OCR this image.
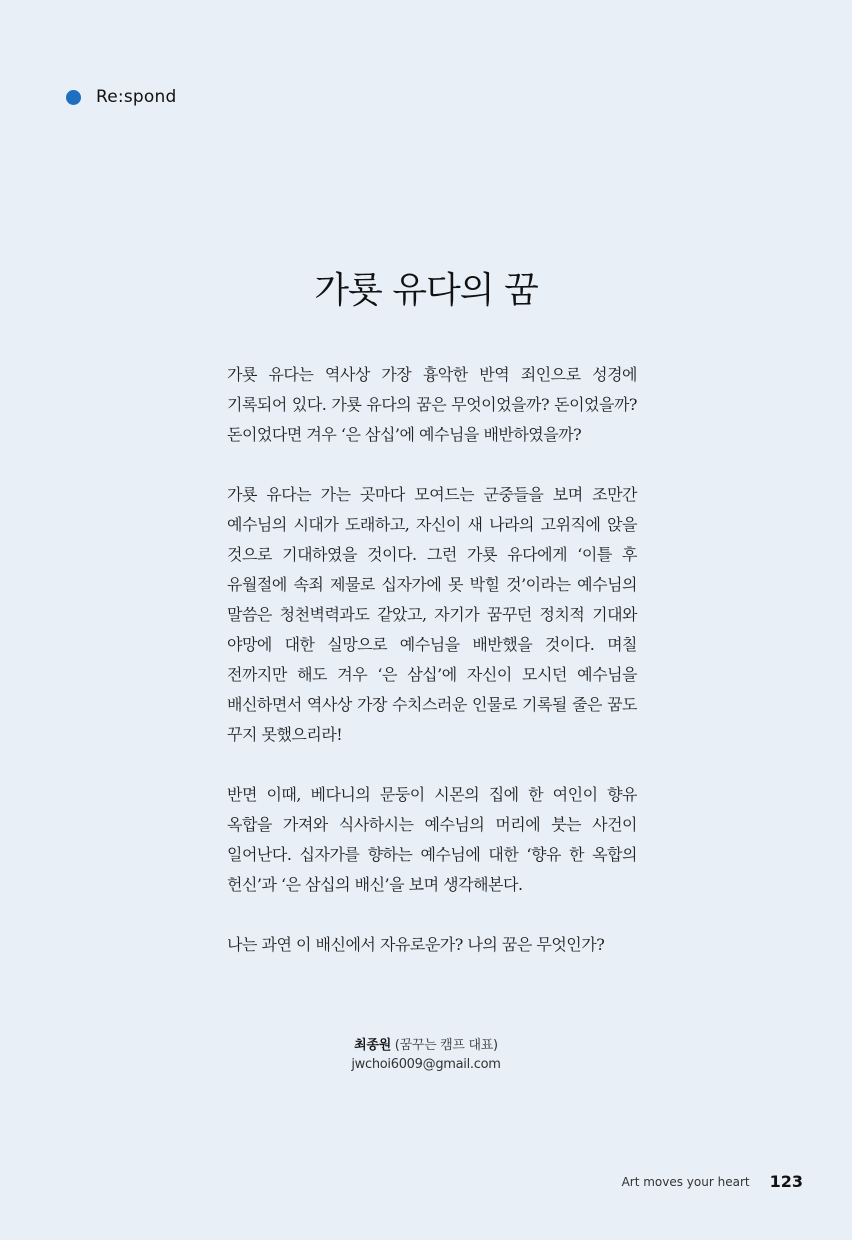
Re:spond
가룟 유다의 꿈

가룟 유다는 역사상 가장 흉악한 반역 죄인으로 성경에 기록되어 있다. 가룟 유다의 꿈은 무엇이었을까? 돈이었을까? 돈이었다면 겨우 ‘은 삼십’에 예수님을 배반하였을까?

가룟 유다는 가는 곳마다 모여드는 군중들을 보며 조만간 예수님의 시대가 도래하고, 자신이 새 나라의 고위직에 앉을 것으로 기대하였을 것이다. 그런 가룟 유다에게 ‘이틀 후 유월절에 속죄 제물로 십자가에 못 박힐 것’이라는 예수님의 말씀은 청천벽력과도 같았고, 자기가 꿈꾸던 정치적 기대와 야망에 대한 실망으로 예수님을 배반했을 것이다. 며칠 전까지만 해도 겨우 ‘은 삼십’에 자신이 모시던 예수님을 배신하면서 역사상 가장 수치스러운 인물로 기록될 줄은 꿈도 꾸지 못했으리라!

반면 이때, 베다니의 문둥이 시몬의 집에 한 여인이 향유 옥합을 가져와 식사하시는 예수님의 머리에 붓는 사건이 일어난다. 십자가를 향하는 예수님에 대한 ‘향유 한 옥합의 헌신’과 ‘은 삼십의 배신’을 보며 생각해본다.

나는 과연 이 배신에서 자유로운가? 나의 꿈은 무엇인가?

최종원 (꿈꾸는 캠프 대표)
jwchoi6009@gmail.com
Art moves your heart 123
